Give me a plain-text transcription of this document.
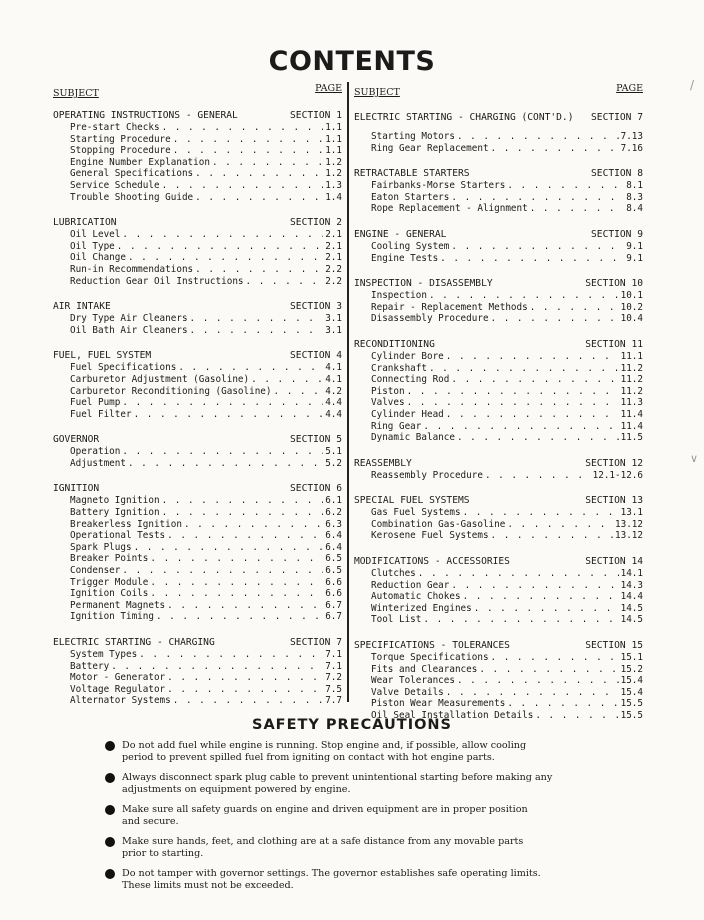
CONTENTS
SUBJECT	PAGE
OPERATING INSTRUCTIONS - GENERAL	SECTION 1
Pre-start Checks . . .	1.1
Starting Procedure . . .	1.1
Stopping Procedure . . .	1.1
Engine Number Explanation . . .	1.2
General Specifications . . .	1.2
Service Schedule . . .	1.3
Trouble Shooting Guide . . .	1.4
LUBRICATION	SECTION 2
Oil Level . . .	2.1
Oil Type . . .	2.1
Oil Change . . .	2.1
Run-in Recommendations . . .	2.2
Reduction Gear Oil Instructions . . .	2.2
AIR INTAKE	SECTION 3
Dry Type Air Cleaners . . .	3.1
Oil Bath Air Cleaners . . .	3.1
FUEL, FUEL SYSTEM	SECTION 4
Fuel Specifications . . .	4.1
Carburetor Adjustment (Gasoline) . . .	4.1
Carburetor Reconditioning (Gasoline) . . .	4.2
Fuel Pump . . .	4.4
Fuel Filter . . .	4.4
GOVERNOR	SECTION 5
Operation . . .	5.1
Adjustment . . .	5.2
IGNITION	SECTION 6
Magneto Ignition . . .	6.1
Battery Ignition . . .	6.2
Breakerless Ignition . . .	6.3
Operational Tests . . .	6.4
Spark Plugs . . .	6.4
Breaker Points . . .	6.5
Condenser . . .	6.5
Trigger Module . . .	6.6
Ignition Coils . . .	6.6
Permanent Magnets . . .	6.7
Ignition Timing . . .	6.7
ELECTRIC STARTING - CHARGING	SECTION 7
System Types . . .	7.1
Battery . . .	7.1
Motor - Generator . . .	7.2
Voltage Regulator . . .	7.5
Alternator Systems . . .	7.7
SUBJECT	PAGE
ELECTRIC STARTING - CHARGING (CONT'D.) SECTION 7
Starting Motors . . .	7.13
Ring Gear Replacement . . .	7.16
RETRACTABLE STARTERS	SECTION 8
Fairbanks-Morse Starters . . .	8.1
Eaton Starters . . .	8.3
Rope Replacement - Alignment . . .	8.4
ENGINE - GENERAL	SECTION 9
Cooling System . . .	9.1
Engine Tests . . .	9.1
INSPECTION - DISASSEMBLY	SECTION 10
Inspection . . .	10.1
Repair - Replacement Methods . . .	10.2
Disassembly Procedure . . .	10.4
RECONDITIONING	SECTION 11
Cylinder Bore . . .	11.1
Crankshaft . . .	11.2
Connecting Rod . . .	11.2
Piston . . .	11.2
Valves . . .	11.3
Cylinder Head . . .	11.4
Ring Gear . . .	11.4
Dynamic Balance . . .	11.5
REASSEMBLY	SECTION 12
Reassembly Procedure . . .	12.1-12.6
SPECIAL FUEL SYSTEMS	SECTION 13
Gas Fuel Systems . . .	13.1
Combination Gas-Gasoline . . .	13.12
Kerosene Fuel Systems . . .	13.12
MODIFICATIONS - ACCESSORIES	SECTION 14
Clutches . . .	14.1
Reduction Gear . . .	14.3
Automatic Chokes . . .	14.4
Winterized Engines . . .	14.5
Tool List . . .	14.5
SPECIFICATIONS - TOLERANCES	SECTION 15
Torque Specifications . . .	15.1
Fits and Clearances . . .	15.2
Wear Tolerances . . .	15.4
Valve Details . . .	15.4
Piston Wear Measurements . . .	15.5
Oil Seal Installation Details . . .	15.5
SAFETY PRECAUTIONS
Do not add fuel while engine is running. Stop engine and, if possible, allow cooling
period to prevent spilled fuel from igniting on contact with hot engine parts.
Always disconnect spark plug cable to prevent unintentional starting before making any
adjustments on equipment powered by engine.
Make sure all safety guards on engine and driven equipment are in proper position
and secure.
Make sure hands, feet, and clothing are at a safe distance from any movable parts
prior to starting.
Do not tamper with governor settings. The governor establishes safe operating limits.
These limits must not be exceeded.
/
∨
